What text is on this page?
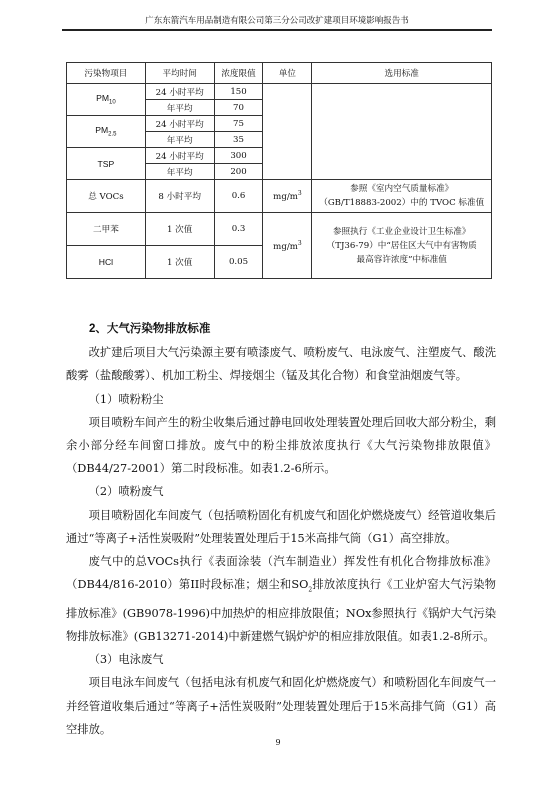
广东东箭汽车用品制造有限公司第三分公司改扩建项目环境影响报告书
污染物项目	平均时间	浓度限值	单位	选用标准
$PM_{10}$	24 小时平均	150		
	年平均	70		
$PM_{2.5}$	24 小时平均	75		
	年平均	35		
TSP	24 小时平均	300		
	年平均	200		
总 VOCs	8 小时平均	0.6	$mg/m^3$	参照《室内空气质量标准》
（GB/T18883-2002）中的 TVOC 标准值

二甲苯	1 次值	0.3	$mg/m^3$	参照执行《工业企业设计卫生标准》
（TJ36-79）中“居住区大气中有害物质
最高容许浓度”中标准值

HCl	1 次值	0.05		
2、大气污染物排放标准

改扩建后项目大气污染源主要有喷漆废气、喷粉废气、电泳废气、注塑废气、酸洗酸雾（盐酸酸雾）、机加工粉尘、焊接烟尘（锰及其化合物）和食堂油烟废气等。

（1）喷粉粉尘

项目喷粉车间产生的粉尘收集后通过静电回收处理装置处理后回收大部分粉尘，剩余小部分经车间窗口排放。废气中的粉尘排放浓度执行《大气污染物排放限值》（DB44/27-2001）第二时段标准。如表1.2-6所示。

（2）喷粉废气

项目喷粉固化车间废气（包括喷粉固化有机废气和固化炉燃烧废气）经管道收集后通过“等离子+活性炭吸附”处理装置处理后于15米高排气筒（G1）高空排放。

废气中的总VOCs执行《表面涂装（汽车制造业）挥发性有机化合物排放标准》（DB44/816-2010）第II时段标准；烟尘和$SO_2$排放浓度执行《工业炉窑大气污染物排放标准》(GB9078-1996)中加热炉的相应排放限值；NOx参照执行《锅炉大气污染物排放标准》(GB13271-2014)中新建燃气锅炉炉的相应排放限值。如表1.2-8所示。

（3）电泳废气

项目电泳车间废气（包括电泳有机废气和固化炉燃烧废气）和喷粉固化车间废气一并经管道收集后通过“等离子+活性炭吸附”处理装置处理后于15米高排气筒（G1）高空排放。

9
